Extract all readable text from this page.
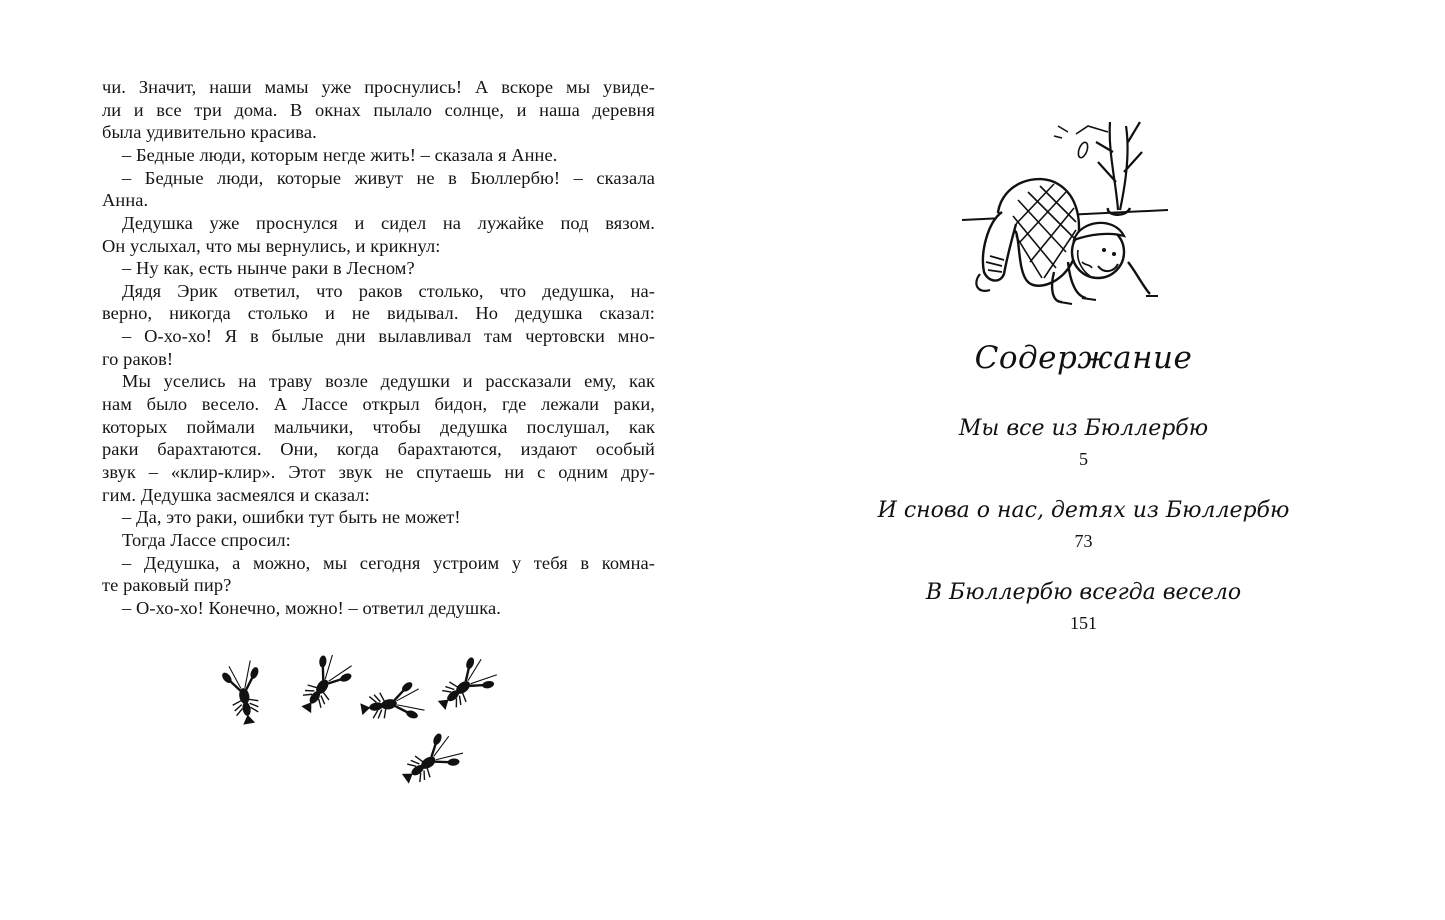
чи. Значит, наши мамы уже проснулись! А вскоре мы увиде-
ли и все три дома. В окнах пылало солнце, и наша деревня
была удивительно красива.
– Бедные люди, которым негде жить! – сказала я Анне.
– Бедные люди, которые живут не в Бюллербю! – сказала
Анна.
Дедушка уже проснулся и сидел на лужайке под вязом.
Он услыхал, что мы вернулись, и крикнул:
– Ну как, есть нынче раки в Лесном?
Дядя Эрик ответил, что раков столько, что дедушка, на-
верно, никогда столько и не видывал. Но дедушка сказал:
– О-хо-хо! Я в былые дни вылавливал там чертовски мно-
го раков!
Мы уселись на траву возле дедушки и рассказали ему, как
нам было весело. А Лассе открыл бидон, где лежали раки,
которых поймали мальчики, чтобы дедушка послушал, как
раки барахтаются. Они, когда барахтаются, издают особый
звук – «клир-клир». Этот звук не спутаешь ни с одним дру-
гим. Дедушка засмеялся и сказал:
– Да, это раки, ошибки тут быть не может!
Тогда Лассе спросил:
– Дедушка, а можно, мы сегодня устроим у тебя в комна-
те раковый пир?
– О-хо-хо! Конечно, можно! – ответил дедушка.
Содержание
Мы все из Бюллербю
5
И снова о нас, детях из Бюллербю
73
В Бюллербю всегда весело
151
